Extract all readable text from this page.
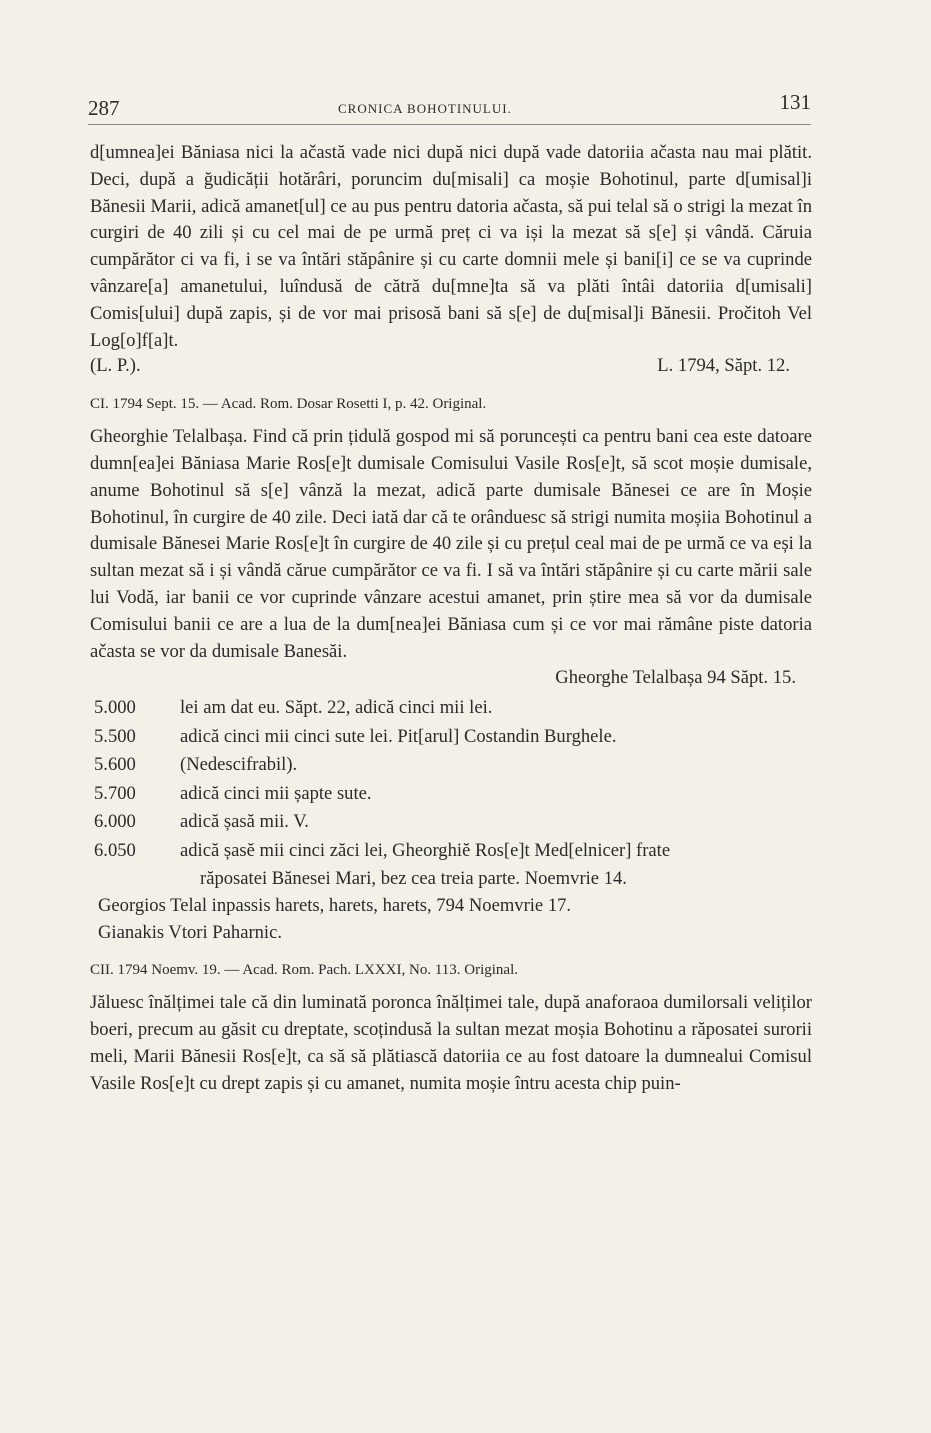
287	CRONICA BOHOTINULUI.	131

d[umnea]ei Băniasa nici la ačastă vade nici după nici după vade datoriia ačasta nau mai plătit. Deci, după a ğudicății hotărâri, poruncim du[misali] ca moșie Bohotinul, parte d[umisal]i Bănesii Marii, adică amanet[ul] ce au pus pentru datoria ačasta, să pui telal să o strigi la mezat în curgiri de 40 zili și cu cel mai de pe urmă preț ci va iși la mezat să s[e] și vândă. Căruia cumpărător ci va fi, i se va întări stăpânire și cu carte domnii mele și bani[i] ce se va cuprinde vânzare[a] amanetului, luîndusă de cătră du[mne]ta să va plăti întâi datoriia d[umisali] Comis[ului] după zapis, și de vor mai prisosă bani să s[e] de du[misal]i Bănesii. Pročitoh Vel Log[o]f[a]t.

(L. P.).	L. 1794, Săpt. 12.
CI. 1794 Sept. 15. — Acad. Rom. Dosar Rosetti I, p. 42. Original.

Gheorghie Telalbașa. Find că prin țidulă gospod mi să poruncești ca pentru bani cea este datoare dumn[ea]ei Băniasa Marie Ros[e]t dumisale Comisului Vasile Ros[e]t, să scot moșie dumisale, anume Bohotinul să s[e] vânză la mezat, adică parte dumisale Bănesei ce are în Moșie Bohotinul, în curgire de 40 zile. Deci iată dar că te orânduesc să strigi numita moșiia Bohotinul a dumisale Bănesei Marie Ros[e]t în curgire de 40 zile și cu prețul ceal mai de pe urmă ce va eși la sultan mezat să i și vândă cărue cumpărător ce va fi. I să va întări stăpânire și cu carte mării sale lui Vodă, iar banii ce vor cuprinde vânzare acestui amanet, prin știre mea să vor da dumisale Comisului banii ce are a lua de la dum[nea]ei Băniasa cum și ce vor mai rămâne piste datoria ačasta se vor da dumisale Banesăi.

Gheorghe Telalbașa 94 Săpt. 15.
5.000	lei am dat eu. Săpt. 22, adică cinci mii lei.
5.500	adică cinci mii cinci sute lei. Pit[arul] Costandin Burghele.
5.600	(Nedescifrabil).
5.700	adică cinci mii șapte sute.
6.000	adică șasă mii. V.
6.050	adică șasĕ mii cinci zăci lei, Gheorghiĕ Ros[e]t Med[elnicer] frate
răposatei Bănesei Mari, bez cea treia parte. Noemvrie 14.
Georgios Telal inpassis harets, harets, harets, 794 Noemvrie 17.
Gianakis Vtori Paharnic.
CII. 1794 Noemv. 19. — Acad. Rom. Pach. LXXXI, No. 113. Original.

Jăluesc înălțimei tale că din luminată poronca înălțimei tale, după anaforaoa dumilorsali veliților boeri, precum au găsit cu dreptate, scoțindusă la sultan mezat moșia Bohotinu a răposatei surorii meli, Marii Bănesii Ros[e]t, ca să să plătiască datoriia ce au fost datoare la dumnealui Comisul Vasile Ros[e]t cu drept zapis și cu amanet, numita moșie întru acesta chip puin-
